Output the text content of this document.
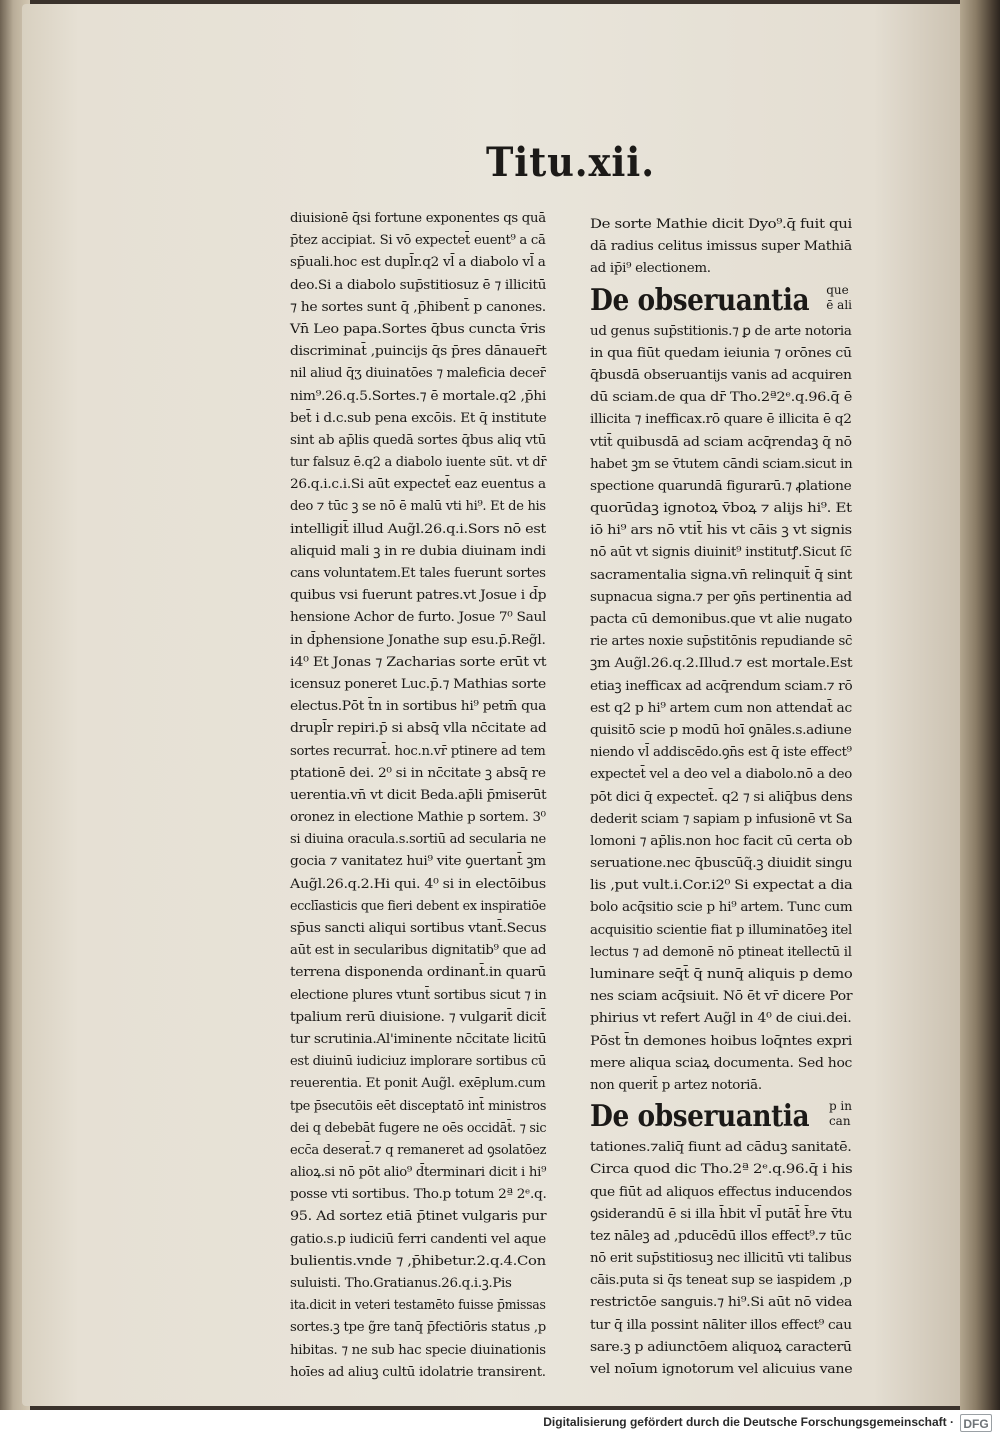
Titu.xii.
diuisionē q̄si fortune exponentes qs quā
p̄tez accipiat. Si vō expectet̄ euent⁹ a cā
sp̄uali.hoc est dupl̄r.q2 vl̄ a diabolo vl̄ a
deo.Si a diabolo sup̄stitiosuz ē ⁊ illicitū
⁊ he sortes sunt q̄ ,p̄hibent̄ p canones.
Vn̄ Leo papa.Sortes q̄bus cuncta v̄ris
discriminat̄ ,puincijs q̄s p̄res dānauer̄t
nil aliud q̄ʒ diuinatōes ⁊ maleficia decer̄
nim⁹.26.q.5.Sortes.⁊ ē mortale.q2 ,p̄hi
bet̄ i d.c.sub pena excōis. Et q̄ institute
sint ab ap̄lis quedā sortes q̄bus aliq vtū
tur falsuz ē.q2 a diabolo iuente sūt. vt dr̄
26.q.i.c.i.Si aūt expectet̄ eaz euentus a
deo ⁊ tūc ꝫ se nō ē malū vti hi⁹. Et de his
intelligit̄ illud Aug̃l.26.q.i.Sors nō est
aliquid mali ꝫ in re dubia diuinam indi
cans voluntatem.Et tales fuerunt sortes
quibus vsi fuerunt patres.vt Josue i d̄p
hensione Achor de furto. Josue 7⁰ Saul
in d̄phensione Jonathe sup esu.p̄.Reg̃l.
i4⁰ Et Jonas ⁊ Zacharias sorte erūt vt
icensuz poneret Luc.p̄.⁊ Mathias sorte
electus.Pōt t̄n in sortibus hi⁹ petm̄ qua
drupl̄r repiri.p̄ si absq̄ vlla nc̄citate ad
sortes recurrat̄. hoc.n.vr̄ ptinere ad tem
ptationē dei. 2⁰ si in nc̄citate ꝫ absq̄ re
uerentia.vn̄ vt dicit Beda.ap̄li p̄miserūt
oronez in electione Mathie p sortem. 3⁰
si diuina oracula.s.sortiū ad secularia ne
gocia ⁊ vanitatez hui⁹ vite ꝯuertant̄ ꝫm
Aug̃l.26.q.2.Hi qui. 4⁰ si in electōibus
ecclīasticis que fieri debent ex inspiratiōe
sp̄us sancti aliqui sortibus vtant̄.Secus
aūt est in secularibus dignitatib⁹ que ad
terrena disponenda ordinant̄.in quarū
electione plures vtunt̄ sortibus sicut ⁊ in
tpalium rerū diuisione. ⁊ vulgarit̄ dicit̄
tur scrutinia.Al'iminente nc̄citate licitū
est diuinū iudiciuz implorare sortibus cū
reuerentia. Et ponit Aug̃l. exēplum.cum
tpe p̄secutōis eēt disceptatō int̄ ministros
dei q debebāt fugere ne oēs occidāt̄. ⁊ sic
ecc̄a deserat̄.⁊ q remaneret ad ꝯsolatōez
alioꝝ.si nō pōt alio⁹ d̄terminari dicit i hi⁹
posse vti sortibus. Tho.p totum 2ª 2ᵉ.q.
95. Ad sortez etiā p̄tinet vulgaris pur
gatio.s.p iudiciū ferri candenti vel aque
bulientis.vnde ⁊ ,p̄hibetur.2.q.4.Con
suluisti. Tho.Gratianus.26.q.i.ꝫ.Pis
ita.dicit in veteri testamēto fuisse p̄missas
sortes.ꝫ tpe g̃re tanq̄ p̄fectiōris status ,p
hibitas. ⁊ ne sub hac specie diuinationis
hoīes ad aliuꝫ cultū idolatrie transirent.
De sorte Mathie dicit Dyo⁹.q̄ fuit qui
dā radius celitus imissus super Mathiā
ad ip̄i⁹ electionem.
De obseruantia que
ē ali
ud genus sup̄stitionis.⁊ ꝑ de arte notoria
in qua fiūt quedam ieiunia ⁊ orōnes cū
q̄busdā obseruantijs vanis ad acquiren
dū sciam.de qua dr̄ Tho.2ª2ᵉ.q.96.q̄ ē
illicita ⁊ inefficax.rō quare ē illicita ē q2
vtit̄ quibusdā ad sciam acq̄rendaꝫ q̄ nō
habet ꝫm se v̄tutem cāndi sciam.sicut in
spectione quarundā figurarū.⁊ ꝓlatione
quorūdaꝫ ignotoꝝ v̄boꝝ ⁊ alijs hi⁹. Et
iō hi⁹ ars nō vtit̄ his vt cāis ꝫ vt signis
nō aūt vt signis diuinit⁹ institutꝭ.Sicut ſc̄
sacramentalia signa.vn̄ relinquit̄ q̄ sint
supnacua signa.⁊ per ꝯn̄s pertinentia ad
pacta cū demonibus.que vt alie nugato
rie artes noxie sup̄stitōnis repudiande sc̄
ꝫm Aug̃l.26.q.2.Illud.⁊ est mortale.Est
etiaꝫ inefficax ad acq̄rendum sciam.⁊ rō
est q2 p hi⁹ artem cum non attendat̄ ac
quisitō scie p modū hoī ꝯnāles.s.adiune
niendo vl̄ addiscēdo.ꝯn̄s est q̄ iste effect⁹
expectet̄ vel a deo vel a diabolo.nō a deo
pōt dici q̄ expectet̄. q2 ⁊ si aliq̄bus dens
dederit sciam ⁊ sapiam p infusionē vt Sa
lomoni ⁊ ap̄lis.non hoc facit cū certa ob
seruatione.nec q̄buscūq̃.ꝫ diuidit singu
lis ,put vult.i.Cor.i2⁰ Si expectat a dia
bolo acq̄sitio scie p hi⁹ artem. Tunc cum
acquisitio scientie fiat p illuminatōeꝫ itel
lectus ⁊ ad demonē nō ptineat itellectū il
luminare seq̄t̄ q̄ nunq̄ aliquis p demo
nes sciam acq̄siuit. Nō ēt vr̄ dicere Por
phirius vt refert Aug̃l in 4⁰ de ciui.dei.
Pōst t̄n demones hoibus loq̄ntes expri
mere aliqua sciaꝝ documenta. Sed hoc
non querit̄ p artez notoriā.
De obseruantia p in
can
tationes.⁊aliq̄ fiunt ad cāduꝫ sanitatē.
Circa quod dic Tho.2ª 2ᵉ.q.96.q̄ i his
que fiūt ad aliquos effectus inducendos
ꝯsiderandū ē si illa h̄bit vl̄ putāt̄ h̄re v̄tu
tez nāleꝫ ad ,pducēdū illos effect⁹.⁊ tūc
nō erit sup̄stitiosuꝫ nec illicitū vti talibus
cāis.puta si q̄s teneat sup se iaspidem ,p
restrictōe sanguis.⁊ hi⁹.Si aūt nō videa
tur q̄ illa possint nāliter illos effect⁹ cau
sare.ꝫ p adiunctōem aliquoꝝ caracterū
vel noīum ignotorum vel alicuius vane
Digitalisierung gefördert durch die Deutsche Forschungsgemeinschaft · DFG
